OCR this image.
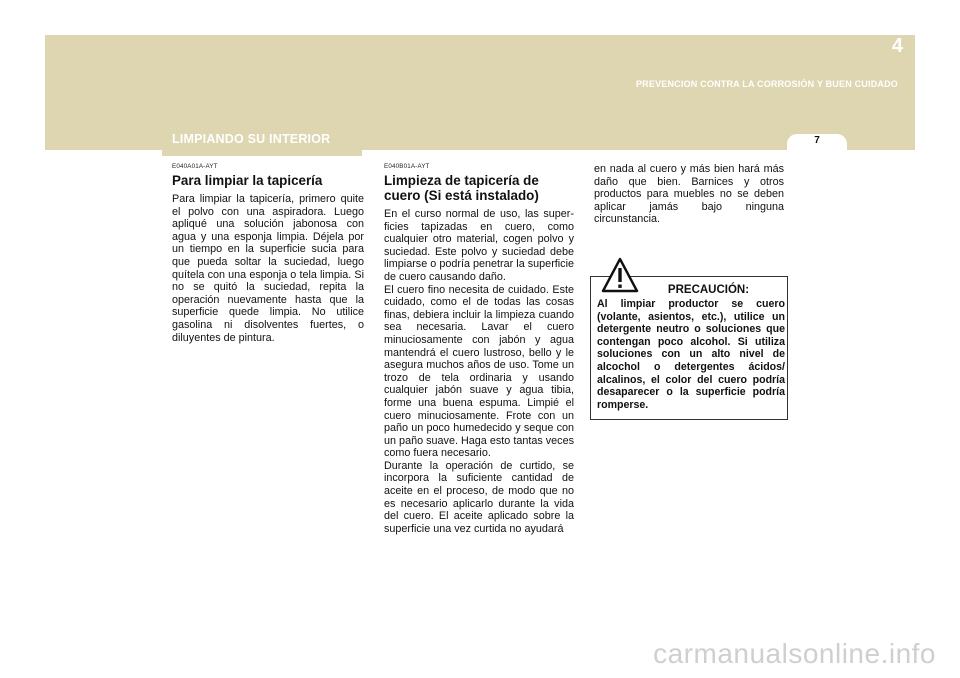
4
PREVENCION CONTRA LA CORROSIÓN Y BUEN CUIDADO
7
LIMPIANDO SU INTERIOR
E040A01A-AYT
Para limpiar la tapicería

Para limpiar la tapicería, primero quite el polvo con una aspiradora. Luego apliqué una solución jabonosa con agua y una esponja limpia. Déjela por un tiempo en la superficie sucia para que pueda soltar la suciedad, luego quítela con una esponja o tela limpia. Si no se quitó la suciedad, repita la operación nuevamente hasta que la superficie quede limpia. No utilice gasolina ni disolventes fuertes, o diluyentes de pintura.

E040B01A-AYT
Limpieza de tapicería de cuero (Si está instalado)

En el curso normal de uso, las super-ficies tapizadas en cuero, como cualquier otro material, cogen polvo y suciedad. Este polvo y suciedad debe limpiarse o podría penetrar la superficie de cuero causando daño.

El cuero fino necesita de cuidado. Este cuidado, como el de todas las cosas finas, debiera incluir la limpieza cuando sea necesaria. Lavar el cuero minuciosamente con jabón y agua mantendrá el cuero lustroso, bello y le asegura muchos años de uso. Tome un trozo de tela ordinaria y usando cualquier jabón suave y agua tibia, forme una buena espuma. Limpié el cuero minuciosamente. Frote con un paño un poco humedecido y seque con un paño suave. Haga esto tantas veces como fuera necesario.

Durante la operación de curtido, se incorpora la suficiente cantidad de aceite en el proceso, de modo que no es necesario aplicarlo durante la vida del cuero. El aceite aplicado sobre la superficie una vez curtida no ayudará

en nada al cuero y más bien hará más daño que bien. Barnices y otros productos para muebles no se deben aplicar jamás bajo ninguna circunstancia.

PRECAUCIÓN:

Al limpiar productor se cuero (volante, asientos, etc.), utilice un detergente neutro o soluciones que contengan poco alcohol. Si utiliza soluciones con un alto nivel de alcochol o detergentes ácidos/ alcalinos, el color del cuero podría desaparecer o la superficie podría romperse.

carmanualsonline.info
